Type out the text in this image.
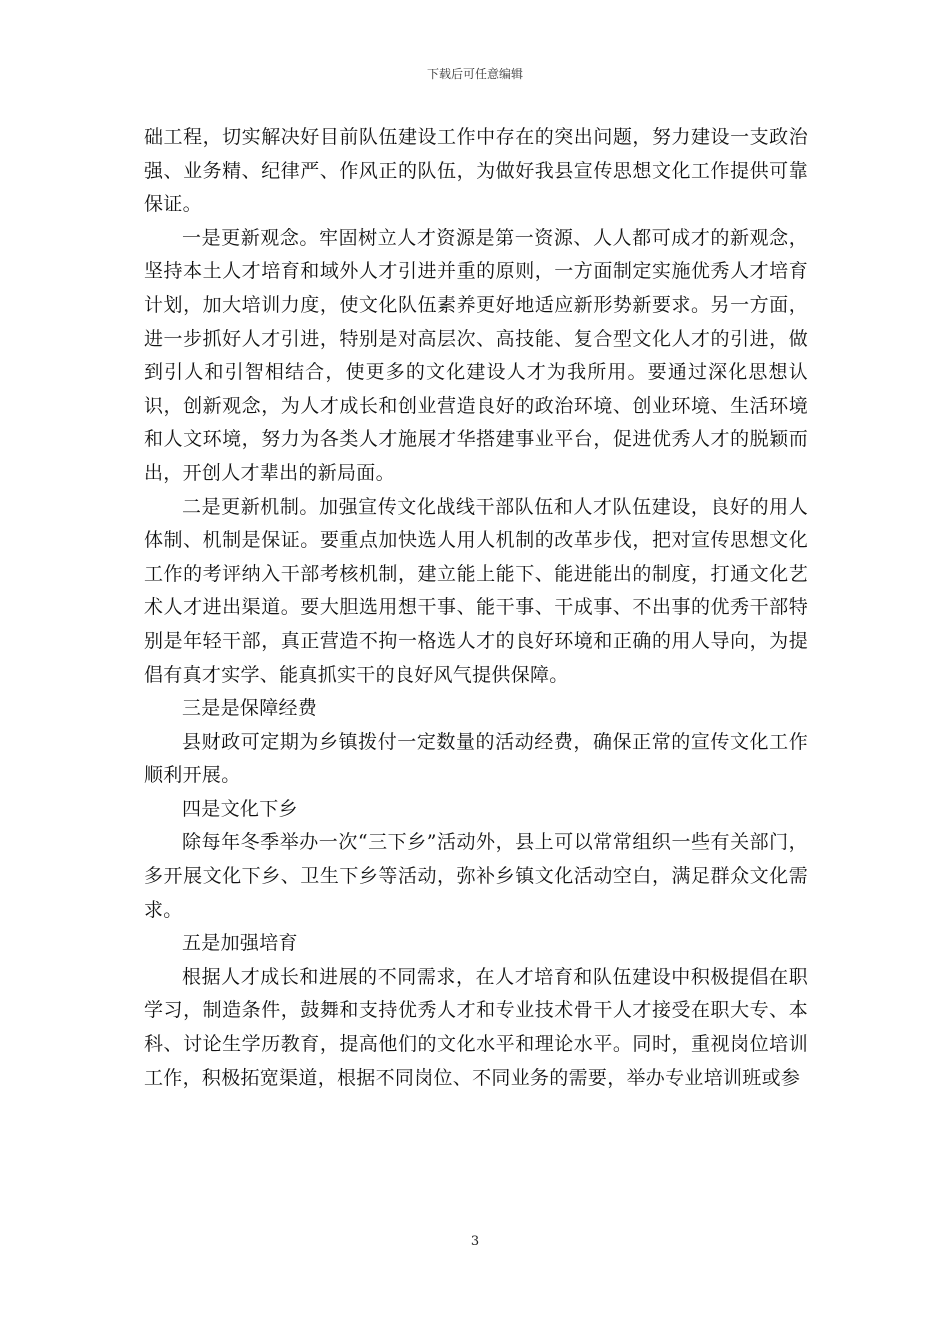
下载后可任意编辑

础工程，切实解决好目前队伍建设工作中存在的突出问题，努力建设一支政治强、业务精、纪律严、作风正的队伍，为做好我县宣传思想文化工作提供可靠保证。

一是更新观念。牢固树立人才资源是第一资源、人人都可成才的新观念，坚持本土人才培育和域外人才引进并重的原则，一方面制定实施优秀人才培育计划，加大培训力度，使文化队伍素养更好地适应新形势新要求。另一方面，进一步抓好人才引进，特别是对高层次、高技能、复合型文化人才的引进，做到引人和引智相结合，使更多的文化建设人才为我所用。要通过深化思想认识，创新观念，为人才成长和创业营造良好的政治环境、创业环境、生活环境和人文环境，努力为各类人才施展才华搭建事业平台，促进优秀人才的脱颖而出，开创人才辈出的新局面。

二是更新机制。加强宣传文化战线干部队伍和人才队伍建设，良好的用人体制、机制是保证。要重点加快选人用人机制的改革步伐，把对宣传思想文化工作的考评纳入干部考核机制，建立能上能下、能进能出的制度，打通文化艺术人才进出渠道。要大胆选用想干事、能干事、干成事、不出事的优秀干部特别是年轻干部，真正营造不拘一格选人才的良好环境和正确的用人导向，为提倡有真才实学、能真抓实干的良好风气提供保障。

三是是保障经费

县财政可定期为乡镇拨付一定数量的活动经费，确保正常的宣传文化工作顺利开展。

四是文化下乡

除每年冬季举办一次“三下乡”活动外，县上可以常常组织一些有关部门，多开展文化下乡、卫生下乡等活动，弥补乡镇文化活动空白，满足群众文化需求。

五是加强培育

根据人才成长和进展的不同需求，在人才培育和队伍建设中积极提倡在职学习，制造条件，鼓舞和支持优秀人才和专业技术骨干人才接受在职大专、本科、讨论生学历教育，提高他们的文化水平和理论水平。同时，重视岗位培训工作，积极拓宽渠道，根据不同岗位、不同业务的需要，举办专业培训班或参

3
